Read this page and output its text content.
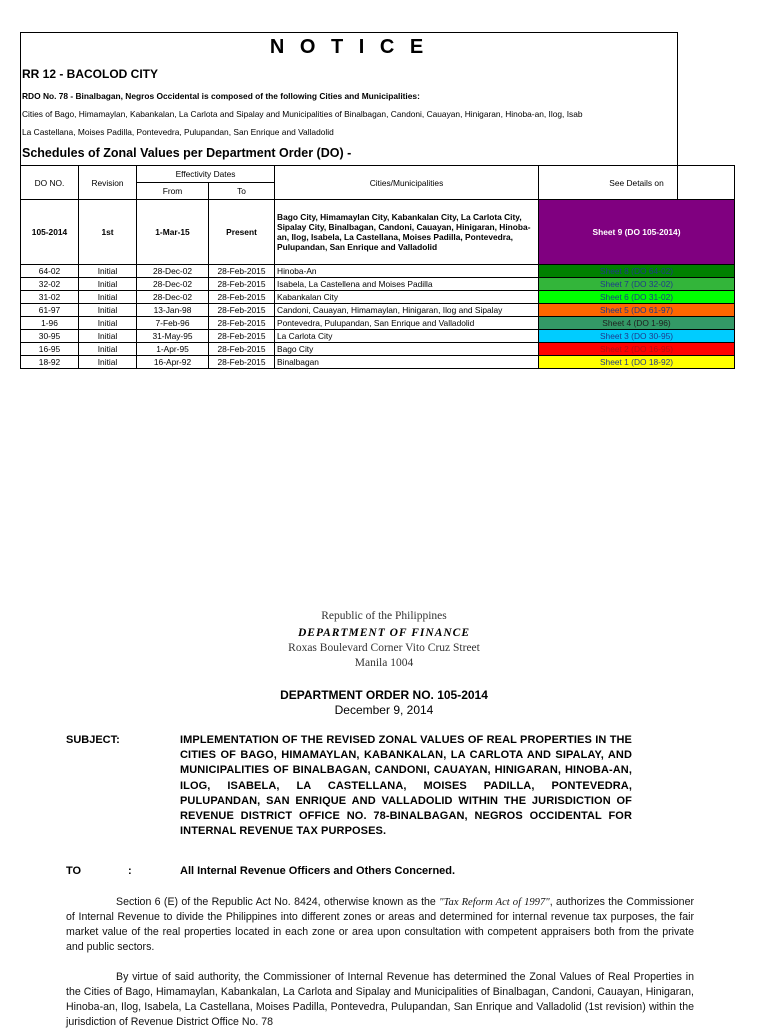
N O T I C E
RR 12 - BACOLOD CITY
RDO No. 78 - Binalbagan, Negros Occidental is composed of the following Cities and Municipalities:
Cities of Bago, Himamaylan, Kabankalan, La Carlota and Sipalay and Municipalities of Binalbagan, Candoni, Cauayan, Hinigaran, Hinoba-an, Ilog, Isab
La Castellana, Moises Padilla, Pontevedra, Pulupandan, San Enrique and Valladolid
Schedules of Zonal Values per Department Order (DO) -
DO NO.	Revision	Effectivity Dates		Cities/Municipalities	See Details on
		From	To		
105-2014	1st	1-Mar-15	Present	Bago City, Himamaylan City, Kabankalan City, La Carlota City, Sipalay City, Binalbagan, Candoni, Cauayan, Hinigaran, Hinoba-an, Ilog, Isabela, La Castellana, Moises Padilla, Pontevedra, Pulupandan, San Enrique and Valladolid	Sheet 9 (DO 105-2014)
64-02	Initial	28-Dec-02	28-Feb-2015	Hinoba-An	Sheet 8 (DO 64-02)
32-02	Initial	28-Dec-02	28-Feb-2015	Isabela, La Castellena and Moises Padilla	Sheet 7 (DO 32-02)
31-02	Initial	28-Dec-02	28-Feb-2015	Kabankalan City	Sheet 6 (DO 31-02)
61-97	Initial	13-Jan-98	28-Feb-2015	Candoni, Cauayan, Himamaylan, Hinigaran, Ilog and Sipalay	Sheet 5 (DO 61-97)
1-96	Initial	7-Feb-96	28-Feb-2015	Pontevedra, Pulupandan, San Enrique and Valladolid	Sheet 4 (DO 1-96)
30-95	Initial	31-May-95	28-Feb-2015	La Carlota City	Sheet 3 (DO 30-95)
16-95	Initial	1-Apr-95	28-Feb-2015	Bago City	Sheet 2 (DO 16-95)
18-92	Initial	16-Apr-92	28-Feb-2015	Binalbagan	Sheet 1 (DO 18-92)
Republic of the Philippines
DEPARTMENT OF FINANCE
Roxas Boulevard Corner Vito Cruz Street
Manila 1004
DEPARTMENT ORDER NO. 105-2014
December 9, 2014
SUBJECT:	IMPLEMENTATION OF THE REVISED ZONAL VALUES OF REAL PROPERTIES IN THE CITIES OF BAGO, HIMAMAYLAN, KABANKALAN, LA CARLOTA AND SIPALAY, AND MUNICIPALITIES OF BINALBAGAN, CANDONI, CAUAYAN, HINIGARAN, HINOBA-AN, ILOG, ISABELA, LA CASTELLANA, MOISES PADILLA, PONTEVEDRA, PULUPANDAN, SAN ENRIQUE AND VALLADOLID WITHIN THE JURISDICTION OF REVENUE DISTRICT OFFICE NO. 78-BINALBAGAN, NEGROS OCCIDENTAL FOR INTERNAL REVENUE TAX PURPOSES.
TO	:	All Internal Revenue Officers and Others Concerned.
Section 6 (E) of the Republic Act No. 8424, otherwise known as the "Tax Reform Act of 1997", authorizes the Commissioner of Internal Revenue to divide the Philippines into different zones or areas and determined for internal revenue tax purposes, the fair market value of the real properties located in each zone or area upon consultation with competent appraisers both from the private and public sectors.
By virtue of said authority, the Commissioner of Internal Revenue has determined the Zonal Values of Real Properties in the Cities of Bago, Himamaylan, Kabankalan, La Carlota and Sipalay and Municipalities of Binalbagan, Candoni, Cauayan, Hinigaran, Hinoba-an, Ilog, Isabela, La Castellana, Moises Padilla, Pontevedra, Pulupandan, San Enrique and Valladolid (1st revision) within the jurisdiction of Revenue District Office No. 78
